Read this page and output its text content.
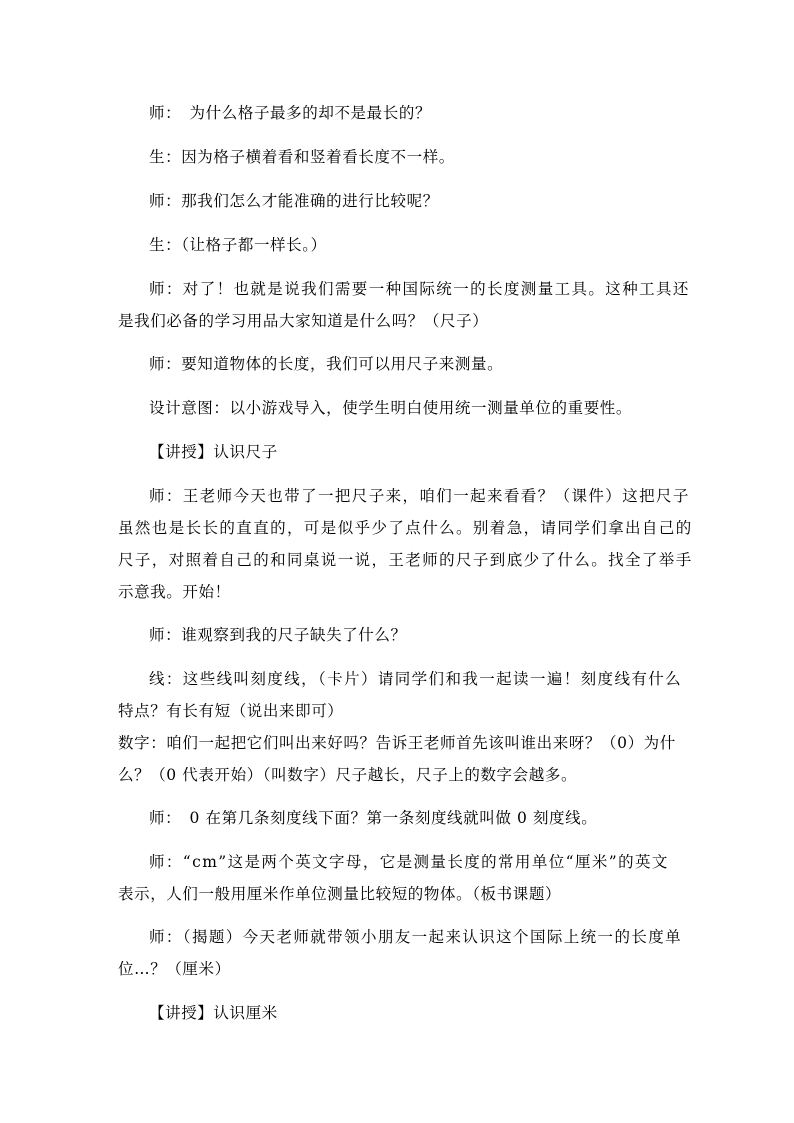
师：　为什么格子最多的却不是最长的？
生：因为格子横着看和竖着看长度不一样。
师：那我们怎么才能准确的进行比较呢？
生：（让格子都一样长。）
师：对了！也就是说我们需要一种国际统一的长度测量工具。这种工具还
是我们必备的学习用品大家知道是什么吗？（尺子）
师：要知道物体的长度，我们可以用尺子来测量。
设计意图：以小游戏导入，使学生明白使用统一测量单位的重要性。
【讲授】认识尺子
师：王老师今天也带了一把尺子来，咱们一起来看看？（课件）这把尺子
虽然也是长长的直直的，可是似乎少了点什么。别着急，请同学们拿出自己的
尺子，对照着自己的和同桌说一说，王老师的尺子到底少了什么。找全了举手
示意我。开始！
师：谁观察到我的尺子缺失了什么？
线：这些线叫刻度线，（卡片）请同学们和我一起读一遍！刻度线有什么
特点？有长有短（说出来即可）
数字：咱们一起把它们叫出来好吗？告诉王老师首先该叫谁出来呀？（0）为什
么？（0 代表开始）（叫数字）尺子越长，尺子上的数字会越多。
师：　0 在第几条刻度线下面？第一条刻度线就叫做 0 刻度线。
师：“cm”这是两个英文字母，它是测量长度的常用单位“厘米”的英文
表示，人们一般用厘米作单位测量比较短的物体。（板书课题）
师：（揭题）今天老师就带领小朋友一起来认识这个国际上统一的长度单
位…？（厘米）
【讲授】认识厘米
